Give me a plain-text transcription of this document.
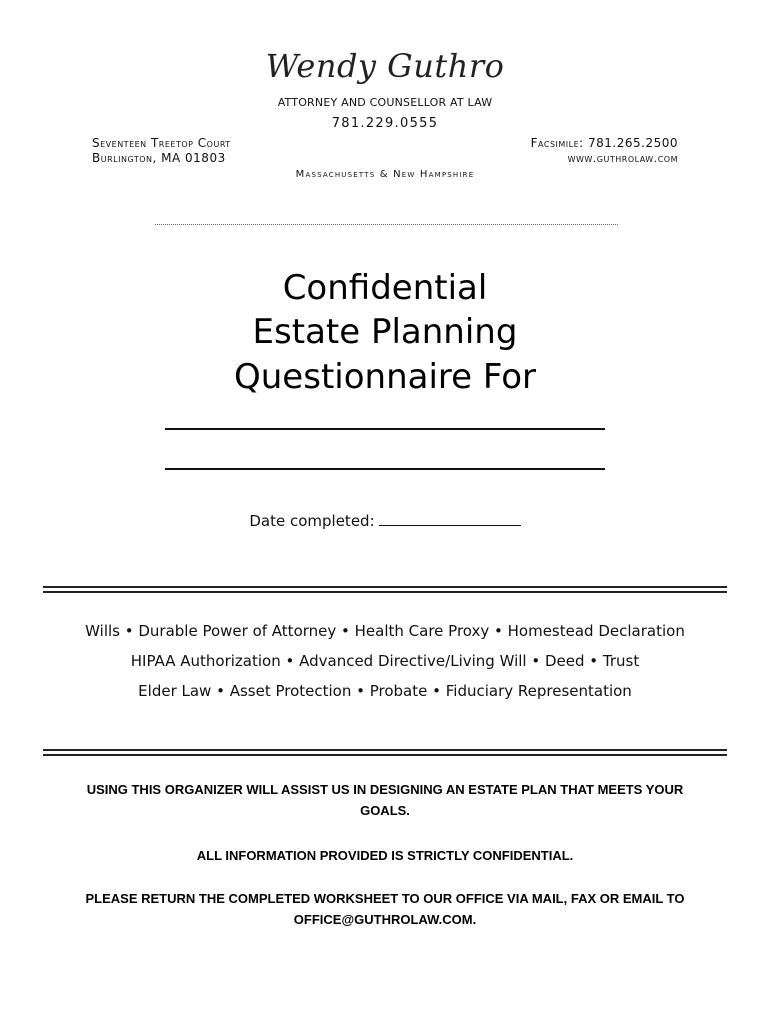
Wendy Guthro
ATTORNEY AND COUNSELLOR AT LAW
781.229.0555
Seventeen Treetop Court
Burlington, MA 01803
Facsimile: 781.265.2500
www.guthrolaw.com
Massachusetts & New Hampshire
Confidential
Estate Planning
Questionnaire For
Date completed:
Wills • Durable Power of Attorney • Health Care Proxy • Homestead Declaration
HIPAA Authorization • Advanced Directive/Living Will • Deed • Trust
Elder Law • Asset Protection • Probate • Fiduciary Representation
USING THIS ORGANIZER WILL ASSIST US IN DESIGNING AN ESTATE PLAN THAT MEETS YOUR GOALS.
ALL INFORMATION PROVIDED IS STRICTLY CONFIDENTIAL.
PLEASE RETURN THE COMPLETED WORKSHEET TO OUR OFFICE VIA MAIL, FAX OR EMAIL TO OFFICE@GUTHROLAW.COM.
